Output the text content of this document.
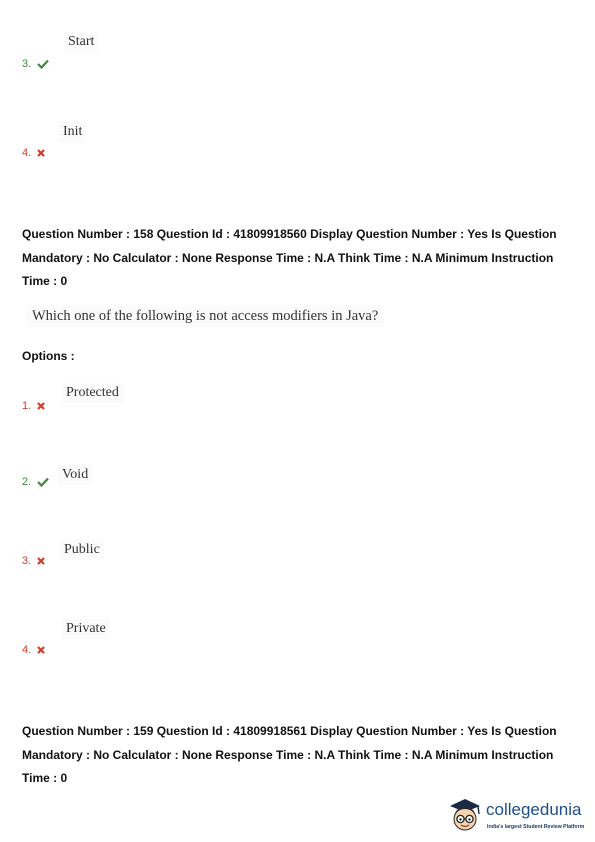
Start
3.
Init
4.
Question Number : 158 Question Id : 41809918560 Display Question Number : Yes Is Question Mandatory : No Calculator : None Response Time : N.A Think Time : N.A Minimum Instruction Time : 0
Which one of the following is not access modifiers in Java?
Options :
Protected
1.
Void
2.
Public
3.
Private
4.
Question Number : 159 Question Id : 41809918561 Display Question Number : Yes Is Question Mandatory : No Calculator : None Response Time : N.A Think Time : N.A Minimum Instruction Time : 0
collegedunia
India's largest Student Review Platform
